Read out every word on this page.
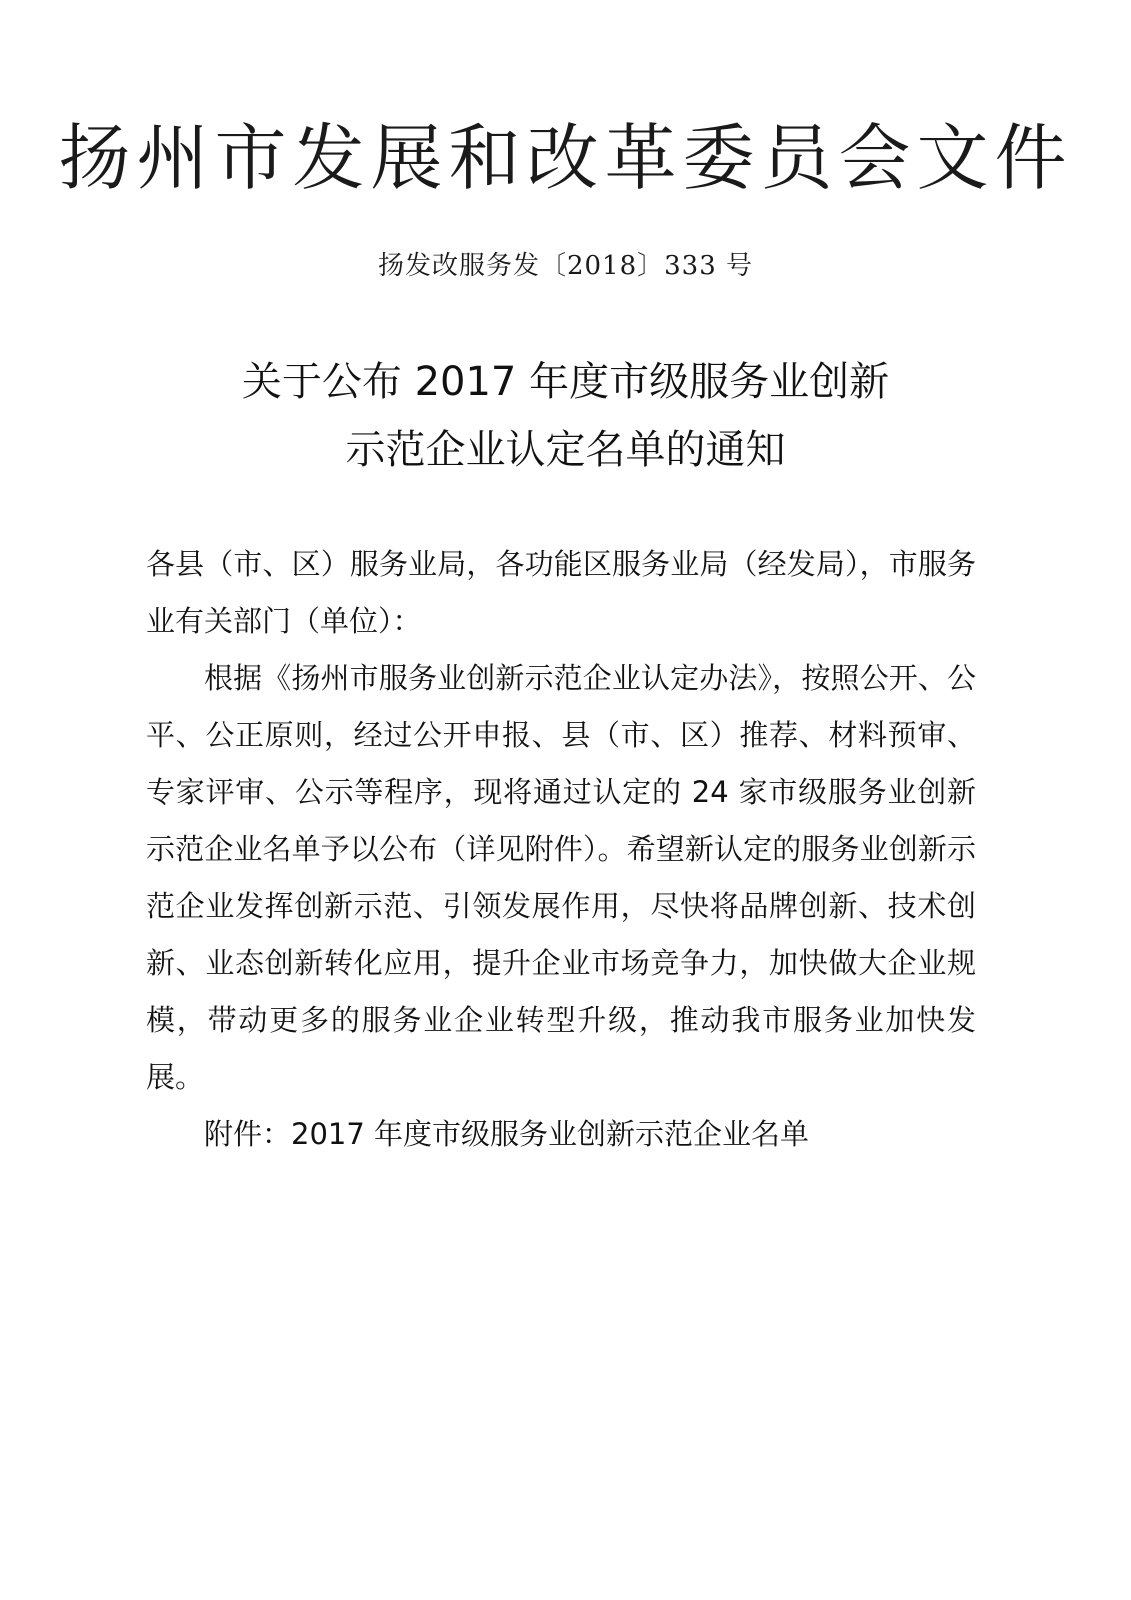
扬州市发展和改革委员会文件
扬发改服务发〔2018〕333 号
关于公布 2017 年度市级服务业创新
示范企业认定名单的通知

各县（市、区）服务业局，各功能区服务业局（经发局），市服务业有关部门（单位）：

根据《扬州市服务业创新示范企业认定办法》，按照公开、公平、公正原则，经过公开申报、县（市、区）推荐、材料预审、专家评审、公示等程序，现将通过认定的 24 家市级服务业创新示范企业名单予以公布（详见附件）。希望新认定的服务业创新示范企业发挥创新示范、引领发展作用，尽快将品牌创新、技术创新、业态创新转化应用，提升企业市场竞争力，加快做大企业规模，带动更多的服务业企业转型升级，推动我市服务业加快发展。

附件：2017 年度市级服务业创新示范企业名单
